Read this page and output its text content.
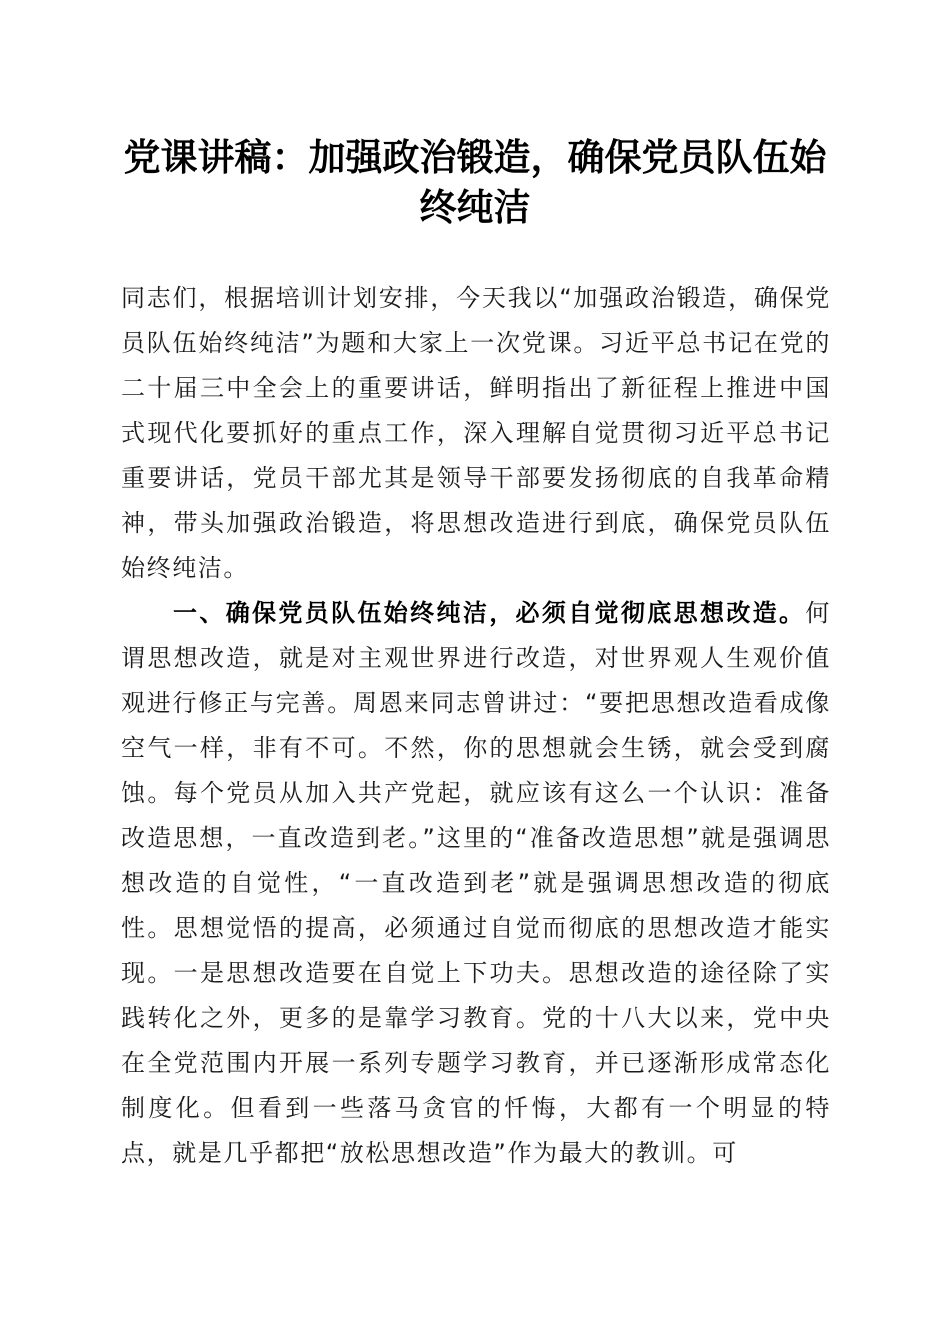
党课讲稿：加强政治锻造，确保党员队伍始终纯洁

同志们，根据培训计划安排，今天我以“加强政治锻造，确保党员队伍始终纯洁”为题和大家上一次党课。习近平总书记在党的二十届三中全会上的重要讲话，鲜明指出了新征程上推进中国式现代化要抓好的重点工作，深入理解自觉贯彻习近平总书记重要讲话，党员干部尤其是领导干部要发扬彻底的自我革命精神，带头加强政治锻造，将思想改造进行到底，确保党员队伍始终纯洁。

一、确保党员队伍始终纯洁，必须自觉彻底思想改造。何谓思想改造，就是对主观世界进行改造，对世界观人生观价值观进行修正与完善。周恩来同志曾讲过：“要把思想改造看成像空气一样，非有不可。不然，你的思想就会生锈，就会受到腐蚀。每个党员从加入共产党起，就应该有这么一个认识：准备改造思想，一直改造到老。”这里的“准备改造思想”就是强调思想改造的自觉性，“一直改造到老”就是强调思想改造的彻底性。思想觉悟的提高，必须通过自觉而彻底的思想改造才能实现。一是思想改造要在自觉上下功夫。思想改造的途径除了实践转化之外，更多的是靠学习教育。党的十八大以来，党中央在全党范围内开展一系列专题学习教育，并已逐渐形成常态化制度化。但看到一些落马贪官的忏悔，大都有一个明显的特点，就是几乎都把“放松思想改造”作为最大的教训。可
